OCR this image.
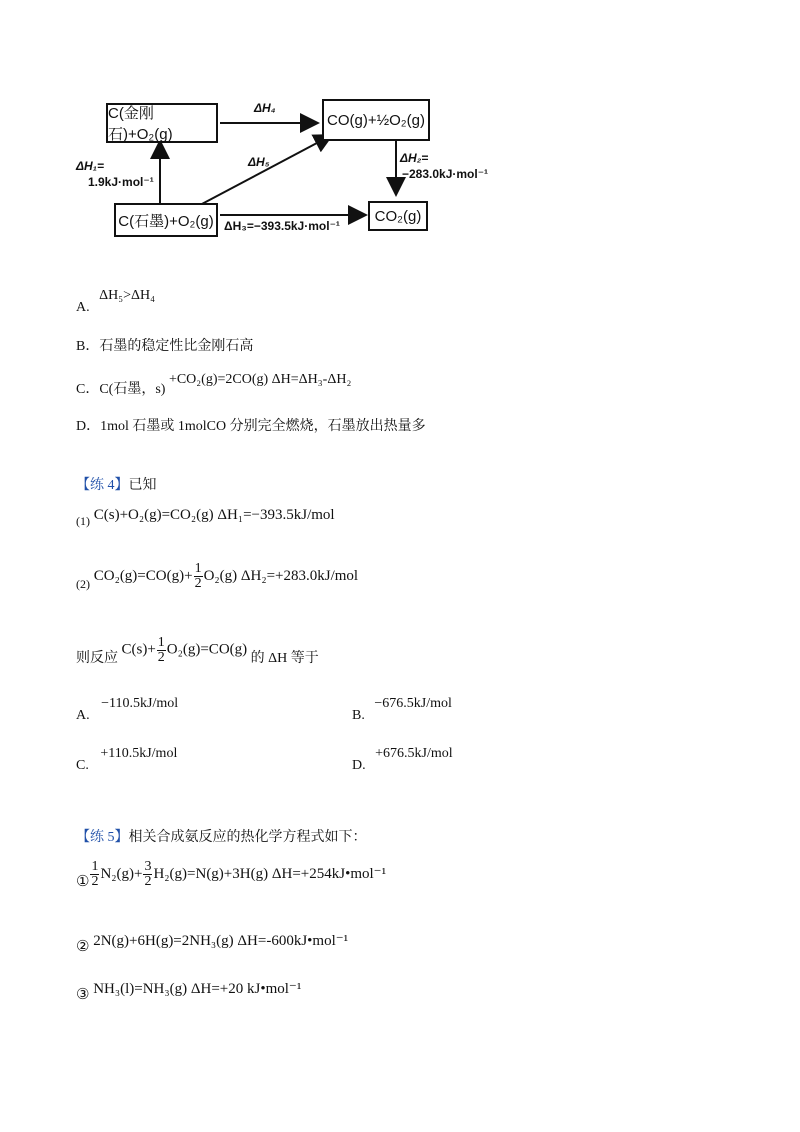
C(金刚石)+O₂(g)
CO(g)+½O₂(g)
C(石墨)+O₂(g)	CO₂(g)
ΔH₄
ΔH₅
ΔH₁=
1.9kJ·mol⁻¹
ΔH₂=
−283.0kJ·mol⁻¹
ΔH₃=−393.5kJ·mol⁻¹
A. ΔH₅>ΔH₄
B．石墨的稳定性比金刚石高
C．C(石墨，s) +CO₂(g)=2CO(g) ΔH=ΔH₃-ΔH₂
D．1mol 石墨或 1molCO 分别完全燃烧，石墨放出热量多
【练 4】已知
$_{(1)}$ C(s)+O₂(g)=CO₂(g) ΔH₁=−393.5kJ/mol
$_{(2)}$ $CO_2(g)=CO(g)+ \frac{1}{2} O_2(g)$ ΔH₂=+283.0kJ/mol
则反应 $C(s)+ \frac{1}{2} O_2(g)=CO(g)$ 的 ΔH 等于
A. −110.5kJ/mol
B. −676.5kJ/mol
C. +110.5kJ/mol
D. +676.5kJ/mol
【练 5】相关合成氨反应的热化学方程式如下：
① $\frac{1}{2} N_2(g)+ \frac{3}{2} H_2(g)=N(g)+3H(g)$ ΔH=+254kJ•mol⁻¹
② 2N(g)+6H(g)=2NH₃(g) ΔH=-600kJ•mol⁻¹
③ NH₃(l)=NH₃(g) ΔH=+20 kJ•mol⁻¹
